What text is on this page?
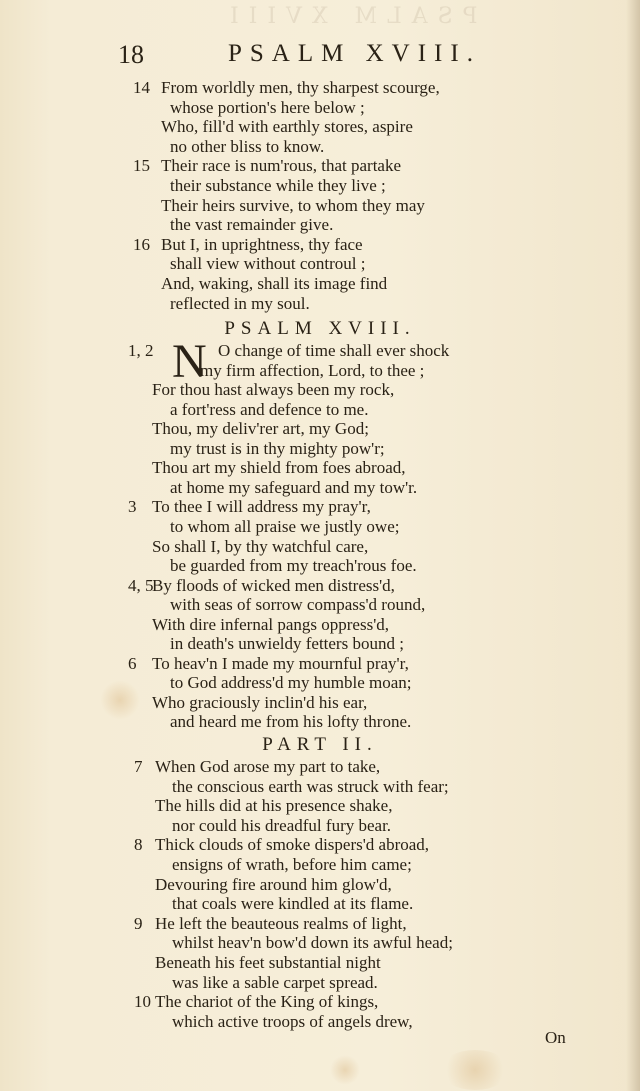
PSALM XVIII
18	PSALM XVIII.
14 From worldly men, thy sharpest scourge,
whose portion's here below ;
Who, fill'd with earthly stores, aspire
no other bliss to know.
15 Their race is num'rous, that partake
their substance while they live ;
Their heirs survive, to whom they may
the vast remainder give.
16 But I, in uprightness, thy face
shall view without controul ;
And, waking, shall its image find
reflected in my soul.
PSALM XVIII.
N
1, 2	O change of time shall ever shock
my firm affection, Lord, to thee ;
For thou hast always been my rock,
a fort'ress and defence to me.
Thou, my deliv'rer art, my God;
my trust is in thy mighty pow'r;
Thou art my shield from foes abroad,
at home my safeguard and my tow'r.
3 To thee I will address my pray'r,
to whom all praise we justly owe;
So shall I, by thy watchful care,
be guarded from my treach'rous foe.
4, 5
By floods of wicked men distress'd,
with seas of sorrow compass'd round,
With dire infernal pangs oppress'd,
in death's unwieldy fetters bound ;
6 To heav'n I made my mournful pray'r,
to God address'd my humble moan;
Who graciously inclin'd his ear,
and heard me from his lofty throne.
PART II.
7 When God arose my part to take,
the conscious earth was struck with fear;
The hills did at his presence shake,
nor could his dreadful fury bear.
8 Thick clouds of smoke dispers'd abroad,
ensigns of wrath, before him came;
Devouring fire around him glow'd,
that coals were kindled at its flame.
9 He left the beauteous realms of light,
whilst heav'n bow'd down its awful head;
Beneath his feet substantial night
was like a sable carpet spread.
10 The chariot of the King of kings,
which active troops of angels drew,
On
